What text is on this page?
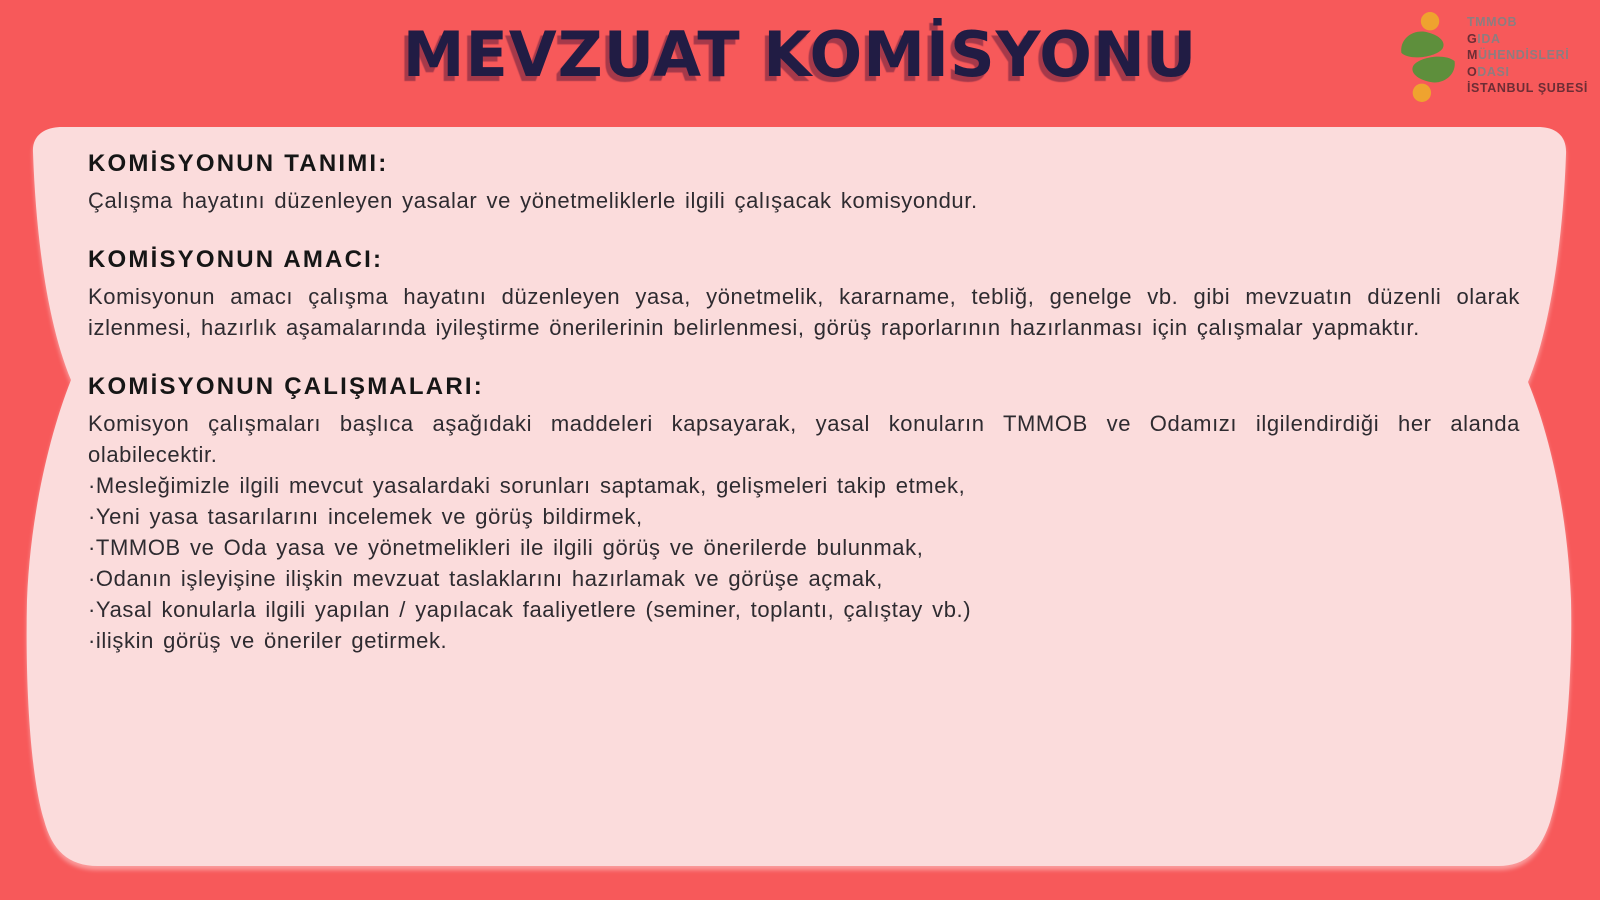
MEVZUAT KOMİSYONU	TMMOB
GIDA
MÜHENDİSLERİ
ODASI
İSTANBUL ŞUBESİ
KOMİSYONUN TANIMI:

Çalışma hayatını düzenleyen yasalar ve yönetmeliklerle ilgili çalışacak komisyondur.

KOMİSYONUN AMACI:

Komisyonun amacı çalışma hayatını düzenleyen yasa, yönetmelik, kararname, tebliğ, genelge vb. gibi mevzuatın düzenli olarak izlenmesi, hazırlık aşamalarında iyileştirme önerilerinin belirlenmesi, görüş raporlarının hazırlanması için çalışmalar yapmaktır.

KOMİSYONUN ÇALIŞMALARI:

Komisyon çalışmaları başlıca aşağıdaki maddeleri kapsayarak, yasal konuların TMMOB ve Odamızı ilgilendirdiği her alanda olabilecektir.

·Mesleğimizle ilgili mevcut yasalardaki sorunları saptamak, gelişmeleri takip etmek,
·Yeni yasa tasarılarını incelemek ve görüş bildirmek,
·TMMOB ve Oda yasa ve yönetmelikleri ile ilgili görüş ve önerilerde bulunmak,
·Odanın işleyişine ilişkin mevzuat taslaklarını hazırlamak ve görüşe açmak,
·Yasal konularla ilgili yapılan / yapılacak faaliyetlere (seminer, toplantı, çalıştay vb.)
·ilişkin görüş ve öneriler getirmek.
